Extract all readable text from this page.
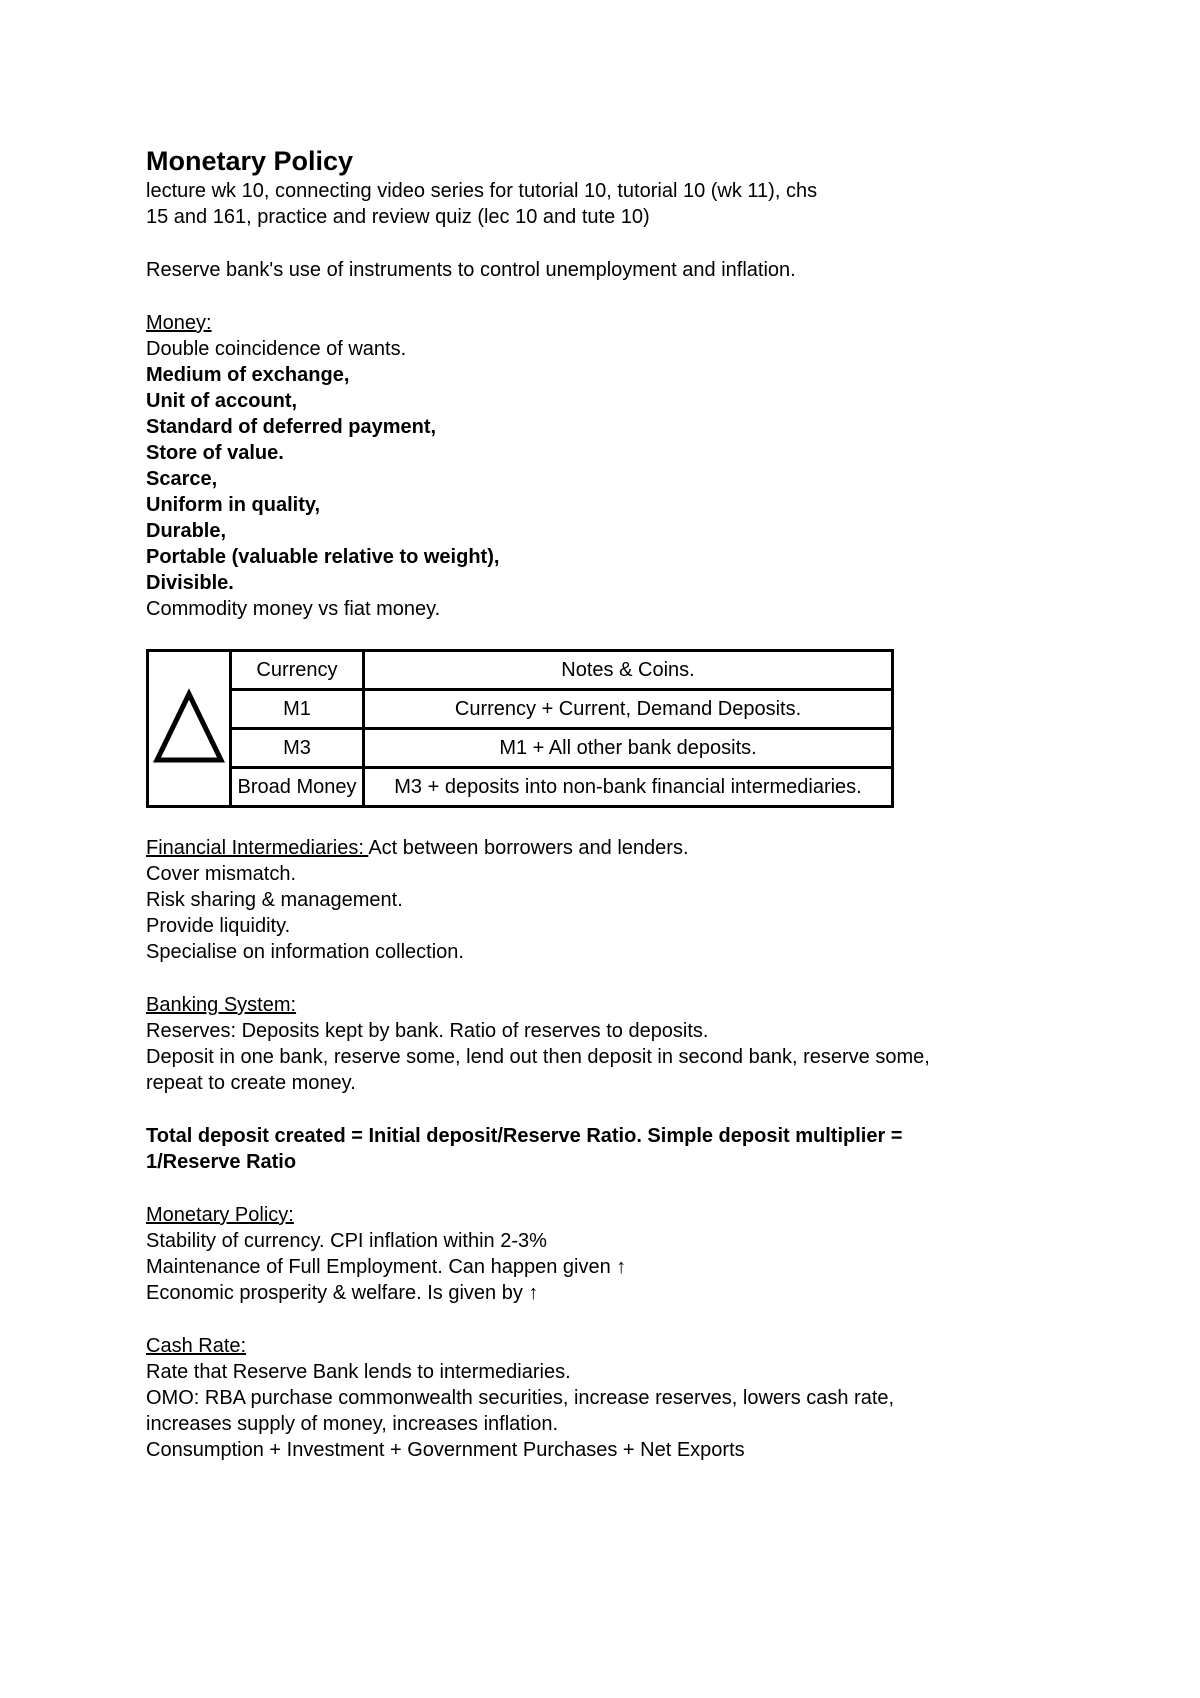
Monetary Policy
lecture wk 10, connecting video series for tutorial 10, tutorial 10 (wk 11), chs
15 and 161, practice and review quiz (lec 10 and tute 10)
Reserve bank's use of instruments to control unemployment and inflation.
Money:
Double coincidence of wants.
Medium of exchange,
Unit of account,
Standard of deferred payment,
Store of value.
Scarce,
Uniform in quality,
Durable,
Portable (valuable relative to weight),
Divisible.
Commodity money vs fiat money.
	Currency	Notes & Coins.
	M1	Currency + Current, Demand Deposits.
	M3	M1 + All other bank deposits.
	Broad Money	M3 + deposits into non-bank financial intermediaries.
Financial Intermediaries: Act between borrowers and lenders.
Cover mismatch.
Risk sharing & management.
Provide liquidity.
Specialise on information collection.
Banking System:
Reserves: Deposits kept by bank. Ratio of reserves to deposits.
Deposit in one bank, reserve some, lend out then deposit in second bank, reserve some,
repeat to create money.
Total deposit created = Initial deposit/Reserve Ratio. Simple deposit multiplier =
1/Reserve Ratio
Monetary Policy:
Stability of currency. CPI inflation within 2-3%
Maintenance of Full Employment. Can happen given ↑
Economic prosperity & welfare. Is given by ↑
Cash Rate:
Rate that Reserve Bank lends to intermediaries.
OMO: RBA purchase commonwealth securities, increase reserves, lowers cash rate,
increases supply of money, increases inflation.
Consumption + Investment + Government Purchases + Net Exports
